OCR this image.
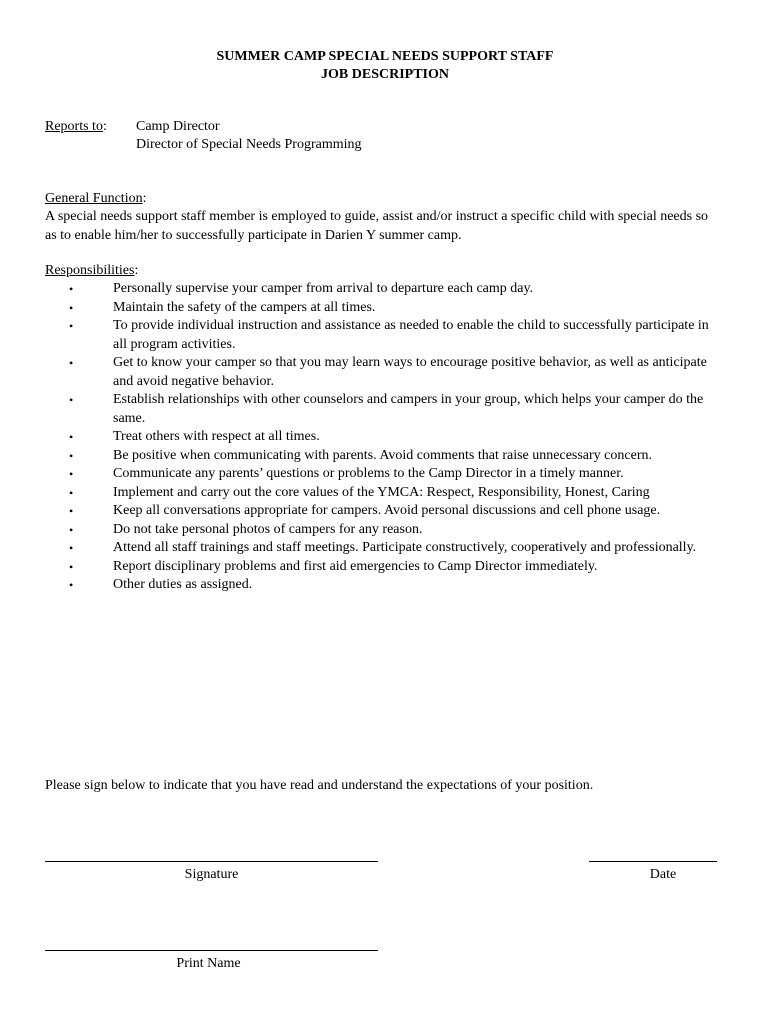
SUMMER CAMP SPECIAL NEEDS SUPPORT STAFF
JOB DESCRIPTION
Reports to: Camp Director
Director of Special Needs Programming
General Function:
A special needs support staff member is employed to guide, assist and/or instruct a specific child with special needs so as to enable him/her to successfully participate in Darien Y summer camp.
Responsibilities:
•	Personally supervise your camper from arrival to departure each camp day.
•	Maintain the safety of the campers at all times.
•	To provide individual instruction and assistance as needed to enable the child to successfully participate in all program activities.
•	Get to know your camper so that you may learn ways to encourage positive behavior, as well as anticipate and avoid negative behavior.
•	Establish relationships with other counselors and campers in your group, which helps your camper do the same.
•	Treat others with respect at all times.
•	Be positive when communicating with parents. Avoid comments that raise unnecessary concern.
•	Communicate any parents’ questions or problems to the Camp Director in a timely manner.
•	Implement and carry out the core values of the YMCA: Respect, Responsibility, Honest, Caring
•	Keep all conversations appropriate for campers. Avoid personal discussions and cell phone usage.
•	Do not take personal photos of campers for any reason.
•	Attend all staff trainings and staff meetings. Participate constructively, cooperatively and professionally.
•	Report disciplinary problems and first aid emergencies to Camp Director immediately.
•	Other duties as assigned.
Please sign below to indicate that you have read and understand the expectations of your position.
Signature	Date
Print Name
